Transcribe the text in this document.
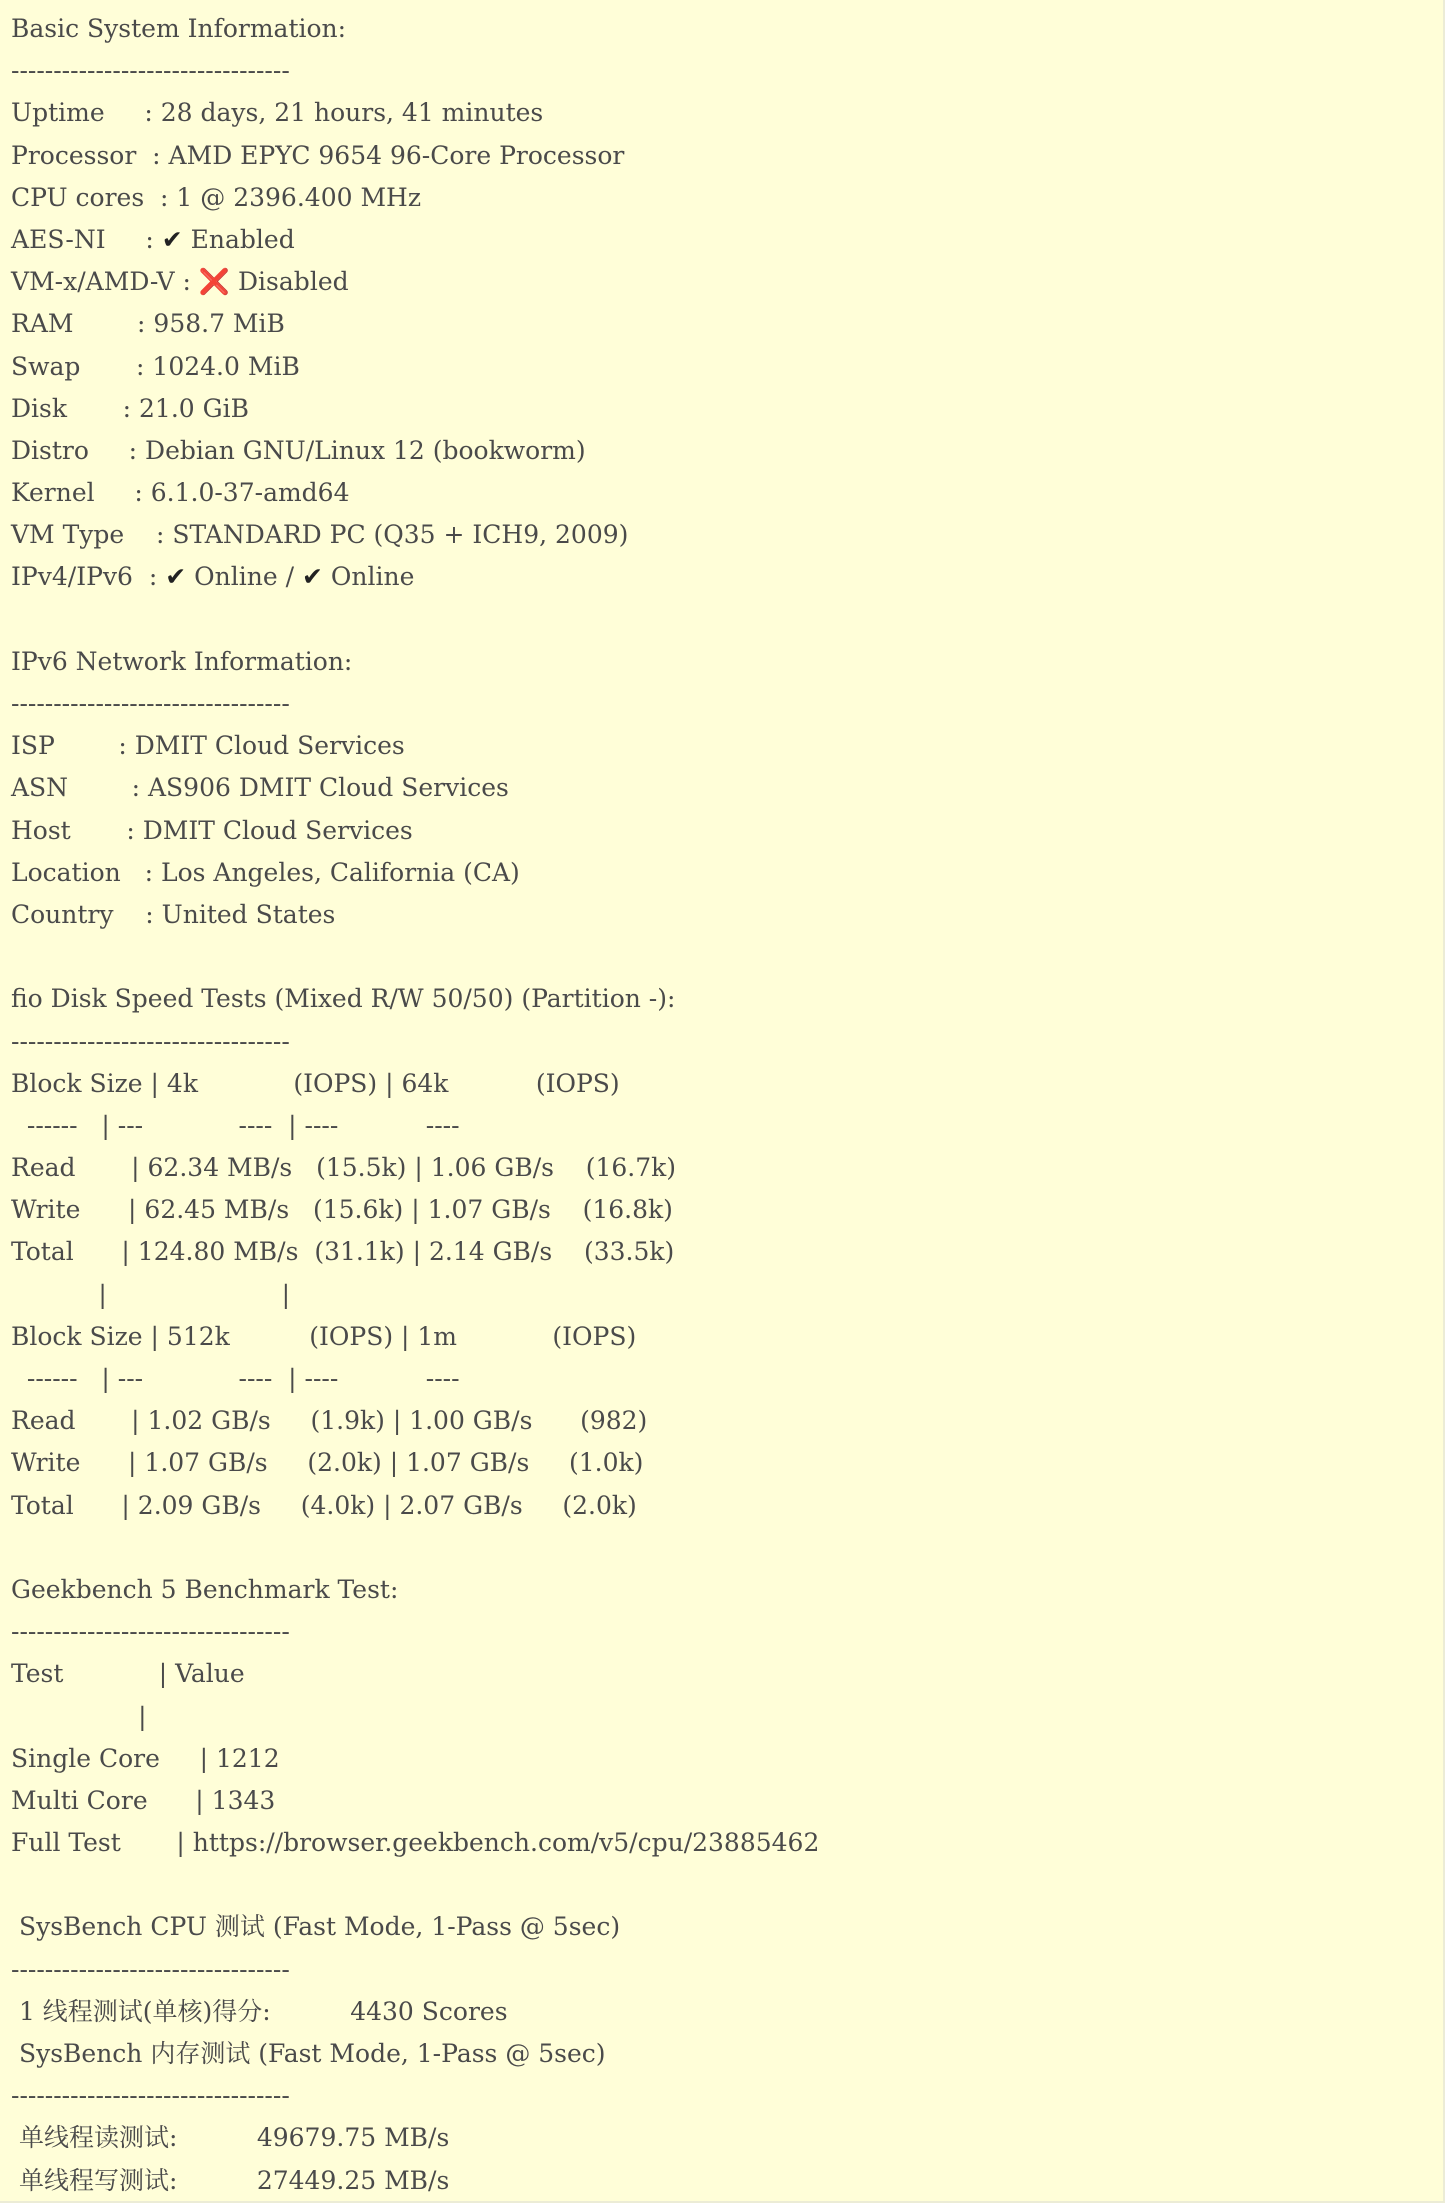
Basic System Information:
---------------------------------
Uptime     : 28 days, 21 hours, 41 minutes
Processor  : AMD EPYC 9654 96-Core Processor
CPU cores  : 1 @ 2396.400 MHz
AES-NI : ✔ Enabled
VM-x/AMD-V : ❌ Disabled
RAM        : 958.7 MiB
Swap       : 1024.0 MiB
Disk       : 21.0 GiB
Distro     : Debian GNU/Linux 12 (bookworm)
Kernel     : 6.1.0-37-amd64
VM Type    : STANDARD PC (Q35 + ICH9, 2009)
IPv4/IPv6 : ✔ Online / ✔ Online
IPv6 Network Information:
---------------------------------
ISP        : DMIT Cloud Services
ASN        : AS906 DMIT Cloud Services
Host       : DMIT Cloud Services
Location   : Los Angeles, California (CA)
Country    : United States
fio Disk Speed Tests (Mixed R/W 50/50) (Partition -):
---------------------------------
Block Size | 4k            (IOPS) | 64k           (IOPS)
------   | ---            ----  | ----           ----
Read       | 62.34 MB/s   (15.5k) | 1.06 GB/s    (16.7k)
Write      | 62.45 MB/s   (15.6k) | 1.07 GB/s    (16.8k)
Total      | 124.80 MB/s  (31.1k) | 2.14 GB/s    (33.5k)
|                      |
Block Size | 512k          (IOPS) | 1m            (IOPS)
------   | ---            ----  | ----           ----
Read       | 1.02 GB/s     (1.9k) | 1.00 GB/s      (982)
Write      | 1.07 GB/s     (2.0k) | 1.07 GB/s     (1.0k)
Total      | 2.09 GB/s     (4.0k) | 2.07 GB/s     (2.0k)
Geekbench 5 Benchmark Test:
---------------------------------
Test            | Value
|
Single Core     | 1212
Multi Core      | 1343
Full Test       | https://browser.geekbench.com/v5/cpu/23885462
SysBench CPU 测试 (Fast Mode, 1-Pass @ 5sec)
---------------------------------
1 线程测试(单核)得分:          4430 Scores
SysBench 内存测试 (Fast Mode, 1-Pass @ 5sec)
---------------------------------
单线程读测试:          49679.75 MB/s
单线程写测试:          27449.25 MB/s
